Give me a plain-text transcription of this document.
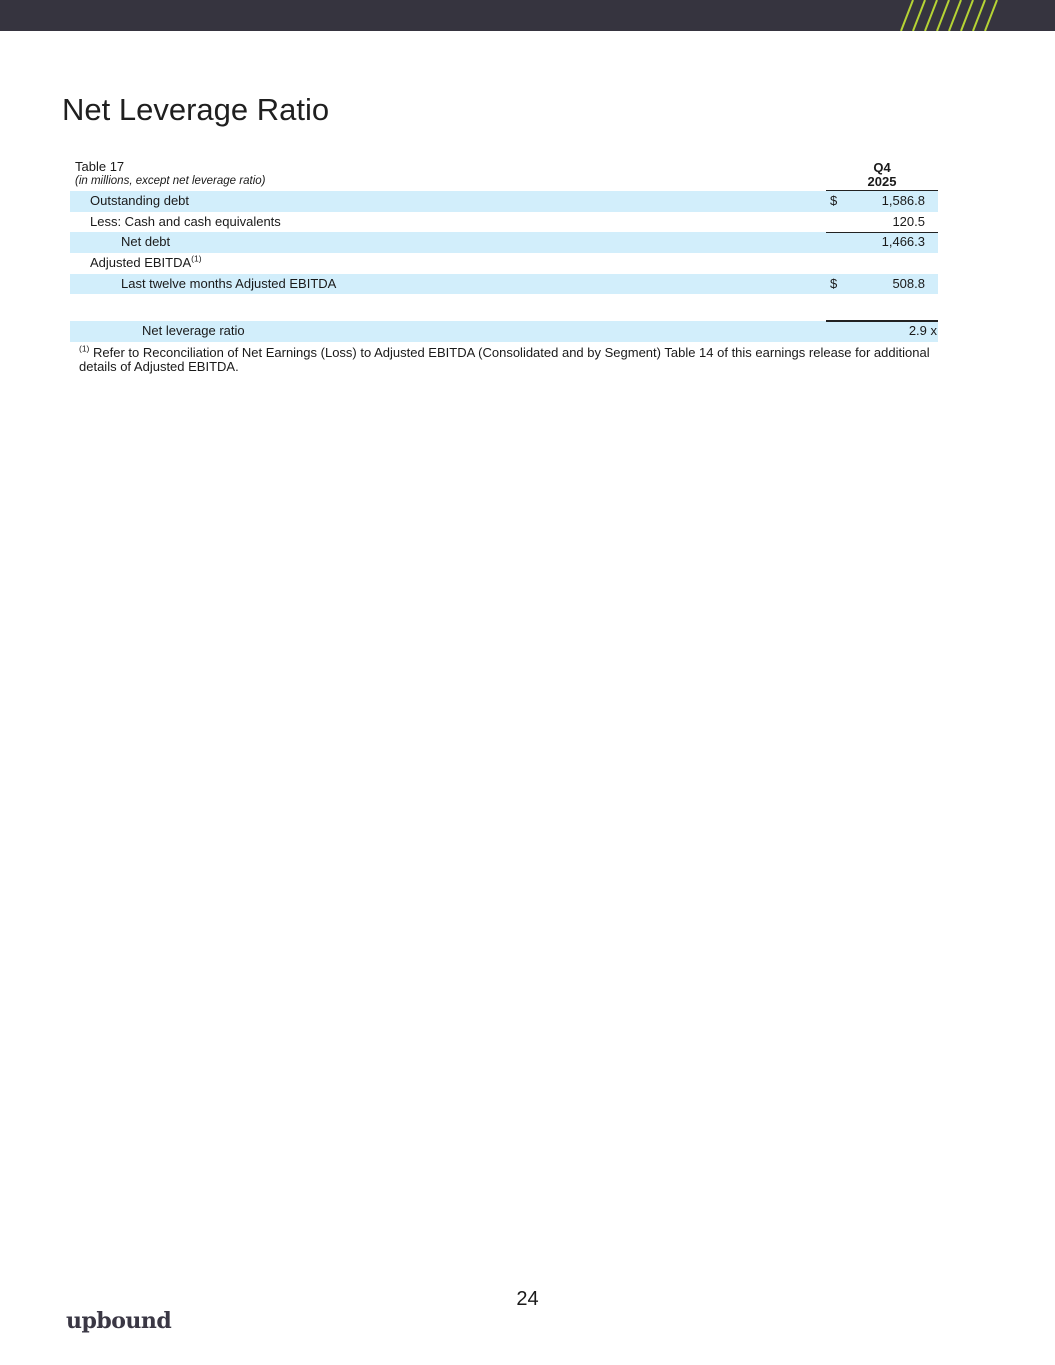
Net Leverage Ratio
Table 17
(in millions, except net leverage ratio)
Q4
2025
Outstanding debt	$	1,586.8
Less: Cash and cash equivalents	120.5
Net debt	1,466.3
Adjusted EBITDA$^{(1)}$
Last twelve months Adjusted EBITDA	$	508.8
Net leverage ratio	2.9 x
$^{(1)}$ Refer to Reconciliation of Net Earnings (Loss) to Adjusted EBITDA (Consolidated and by Segment) Table 14 of this earnings release for additional details of Adjusted EBITDA.
24
upbound
